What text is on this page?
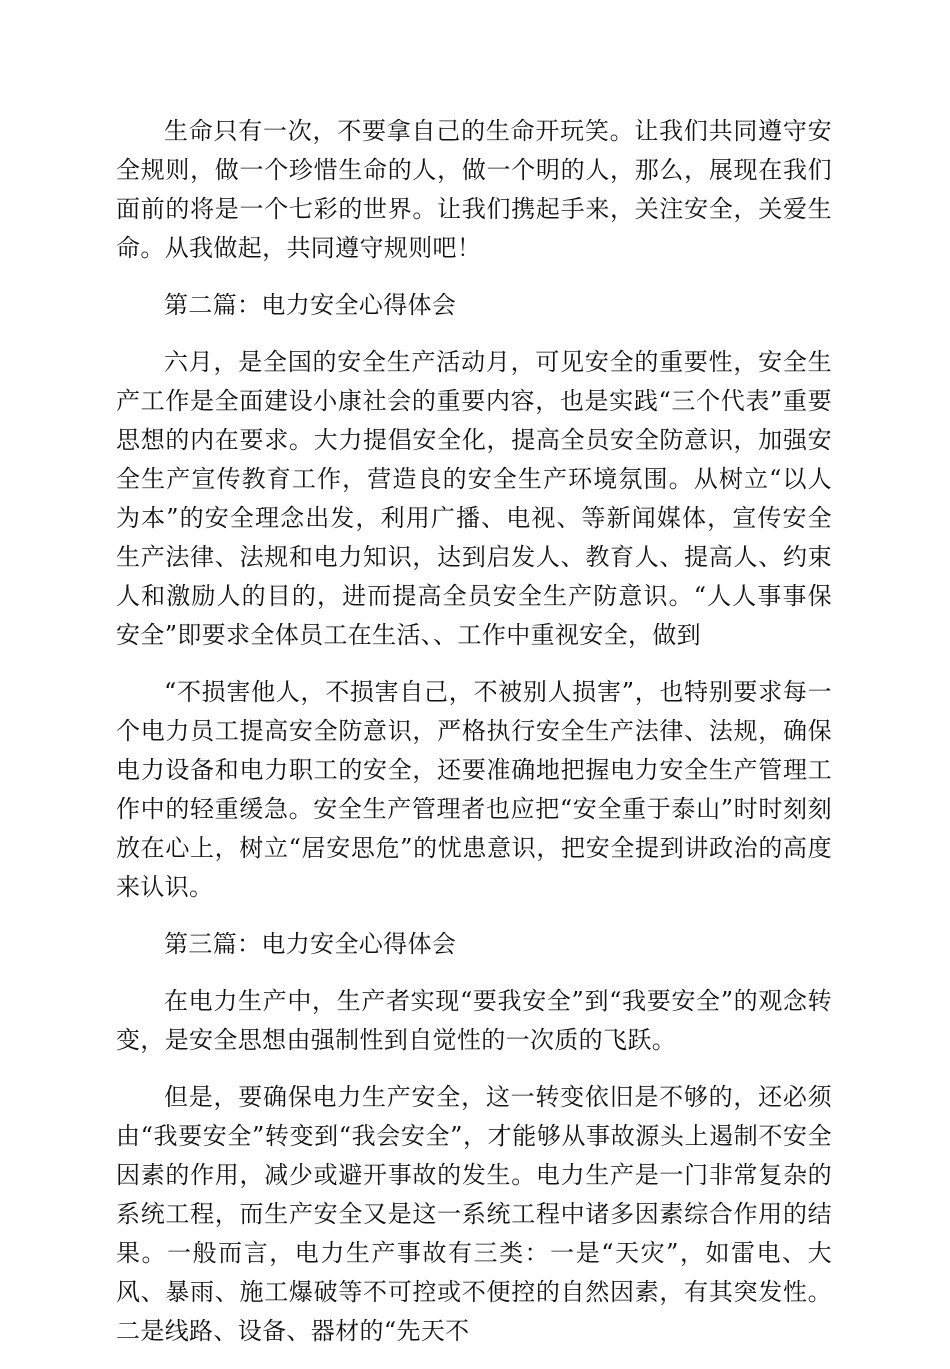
生命只有一次，不要拿自己的生命开玩笑。让我们共同遵守安全规则，做一个珍惜生命的人，做一个明的人，那么，展现在我们面前的将是一个七彩的世界。让我们携起手来，关注安全，关爱生命。从我做起，共同遵守规则吧！

第二篇：电力安全心得体会

六月，是全国的安全生产活动月，可见安全的重要性，安全生产工作是全面建设小康社会的重要内容，也是实践“三个代表”重要思想的内在要求。大力提倡安全化，提高全员安全防意识，加强安全生产宣传教育工作，营造良的安全生产环境氛围。从树立“以人为本”的安全理念出发，利用广播、电视、等新闻媒体，宣传安全生产法律、法规和电力知识，达到启发人、教育人、提高人、约束人和激励人的目的，进而提高全员安全生产防意识。“人人事事保安全”即要求全体员工在生活、、工作中重视安全，做到

“不损害他人，不损害自己，不被别人损害”，也特别要求每一个电力员工提高安全防意识，严格执行安全生产法律、法规，确保电力设备和电力职工的安全，还要准确地把握电力安全生产管理工作中的轻重缓急。安全生产管理者也应把“安全重于泰山”时时刻刻放在心上，树立“居安思危”的忧患意识，把安全提到讲政治的高度来认识。

第三篇：电力安全心得体会

在电力生产中，生产者实现“要我安全”到“我要安全”的观念转变，是安全思想由强制性到自觉性的一次质的飞跃。

但是，要确保电力生产安全，这一转变依旧是不够的，还必须由“我要安全”转变到“我会安全”，才能够从事故源头上遏制不安全因素的作用，减少或避开事故的发生。电力生产是一门非常复杂的系统工程，而生产安全又是这一系统工程中诸多因素综合作用的结果。一般而言，电力生产事故有三类：一是“天灾”，如雷电、大风、暴雨、施工爆破等不可控或不便控的自然因素，有其突发性。二是线路、设备、器材的“先天不
